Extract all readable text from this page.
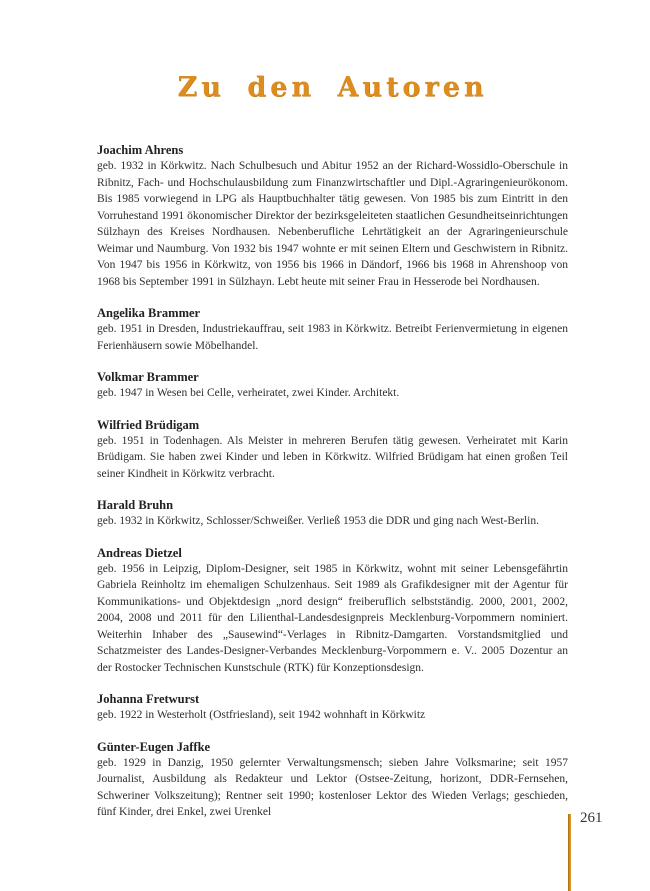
Zu den Autoren
Joachim Ahrens

geb. 1932 in Körkwitz. Nach Schulbesuch und Abitur 1952 an der Richard-Wossidlo-Oberschule in Ribnitz, Fach- und Hochschulausbildung zum Finanzwirtschaftler und Dipl.-Agraringenieurökonom. Bis 1985 vorwiegend in LPG als Hauptbuchhalter tätig gewesen. Von 1985 bis zum Eintritt in den Vorruhestand 1991 ökonomischer Direktor der bezirksgeleiteten staatlichen Gesundheitseinrichtungen Sülzhayn des Kreises Nordhausen. Nebenberufliche Lehrtätigkeit an der Agraringenieurschule Weimar und Naumburg. Von 1932 bis 1947 wohnte er mit seinen Eltern und Geschwistern in Ribnitz. Von 1947 bis 1956 in Körkwitz, von 1956 bis 1966 in Dändorf, 1966 bis 1968 in Ahrenshoop von 1968 bis September 1991 in Sülzhayn. Lebt heute mit seiner Frau in Hesserode bei Nordhausen.

Angelika Brammer

geb. 1951 in Dresden, Industriekauffrau, seit 1983 in Körkwitz. Betreibt Ferienvermietung in eigenen Ferienhäusern sowie Möbelhandel.

Volkmar Brammer

geb. 1947 in Wesen bei Celle, verheiratet, zwei Kinder. Architekt.

Wilfried Brüdigam

geb. 1951 in Todenhagen. Als Meister in mehreren Berufen tätig gewesen. Verheiratet mit Karin Brüdigam. Sie haben zwei Kinder und leben in Körkwitz. Wilfried Brüdigam hat einen großen Teil seiner Kindheit in Körkwitz verbracht.

Harald Bruhn

geb. 1932 in Körkwitz, Schlosser/Schweißer. Verließ 1953 die DDR und ging nach West-Berlin.

Andreas Dietzel

geb. 1956 in Leipzig, Diplom-Designer, seit 1985 in Körkwitz, wohnt mit seiner Lebensgefährtin Gabriela Reinholtz im ehemaligen Schulzenhaus. Seit 1989 als Grafikdesigner mit der Agentur für Kommunikations- und Objektdesign „nord design“ freiberuflich selbstständig. 2000, 2001, 2002, 2004, 2008 und 2011 für den Lilienthal-Landesdesignpreis Mecklenburg-Vorpommern nominiert. Weiterhin Inhaber des „Sausewind“-Verlages in Ribnitz-Damgarten. Vorstandsmitglied und Schatzmeister des Landes-Designer-Verbandes Mecklenburg-Vorpommern e. V.. 2005 Dozentur an der Rostocker Technischen Kunstschule (RTK) für Konzeptionsdesign.

Johanna Fretwurst

geb. 1922 in Westerholt (Ostfriesland), seit 1942 wohnhaft in Körkwitz

Günter-Eugen Jaffke

geb. 1929 in Danzig, 1950 gelernter Verwaltungsmensch; sieben Jahre Volksmarine; seit 1957 Journalist, Ausbildung als Redakteur und Lektor (Ostsee-Zeitung, horizont, DDR-Fernsehen, Schweriner Volkszeitung); Rentner seit 1990; kostenloser Lektor des Wieden Verlags; geschieden, fünf Kinder, drei Enkel, zwei Urenkel	261
